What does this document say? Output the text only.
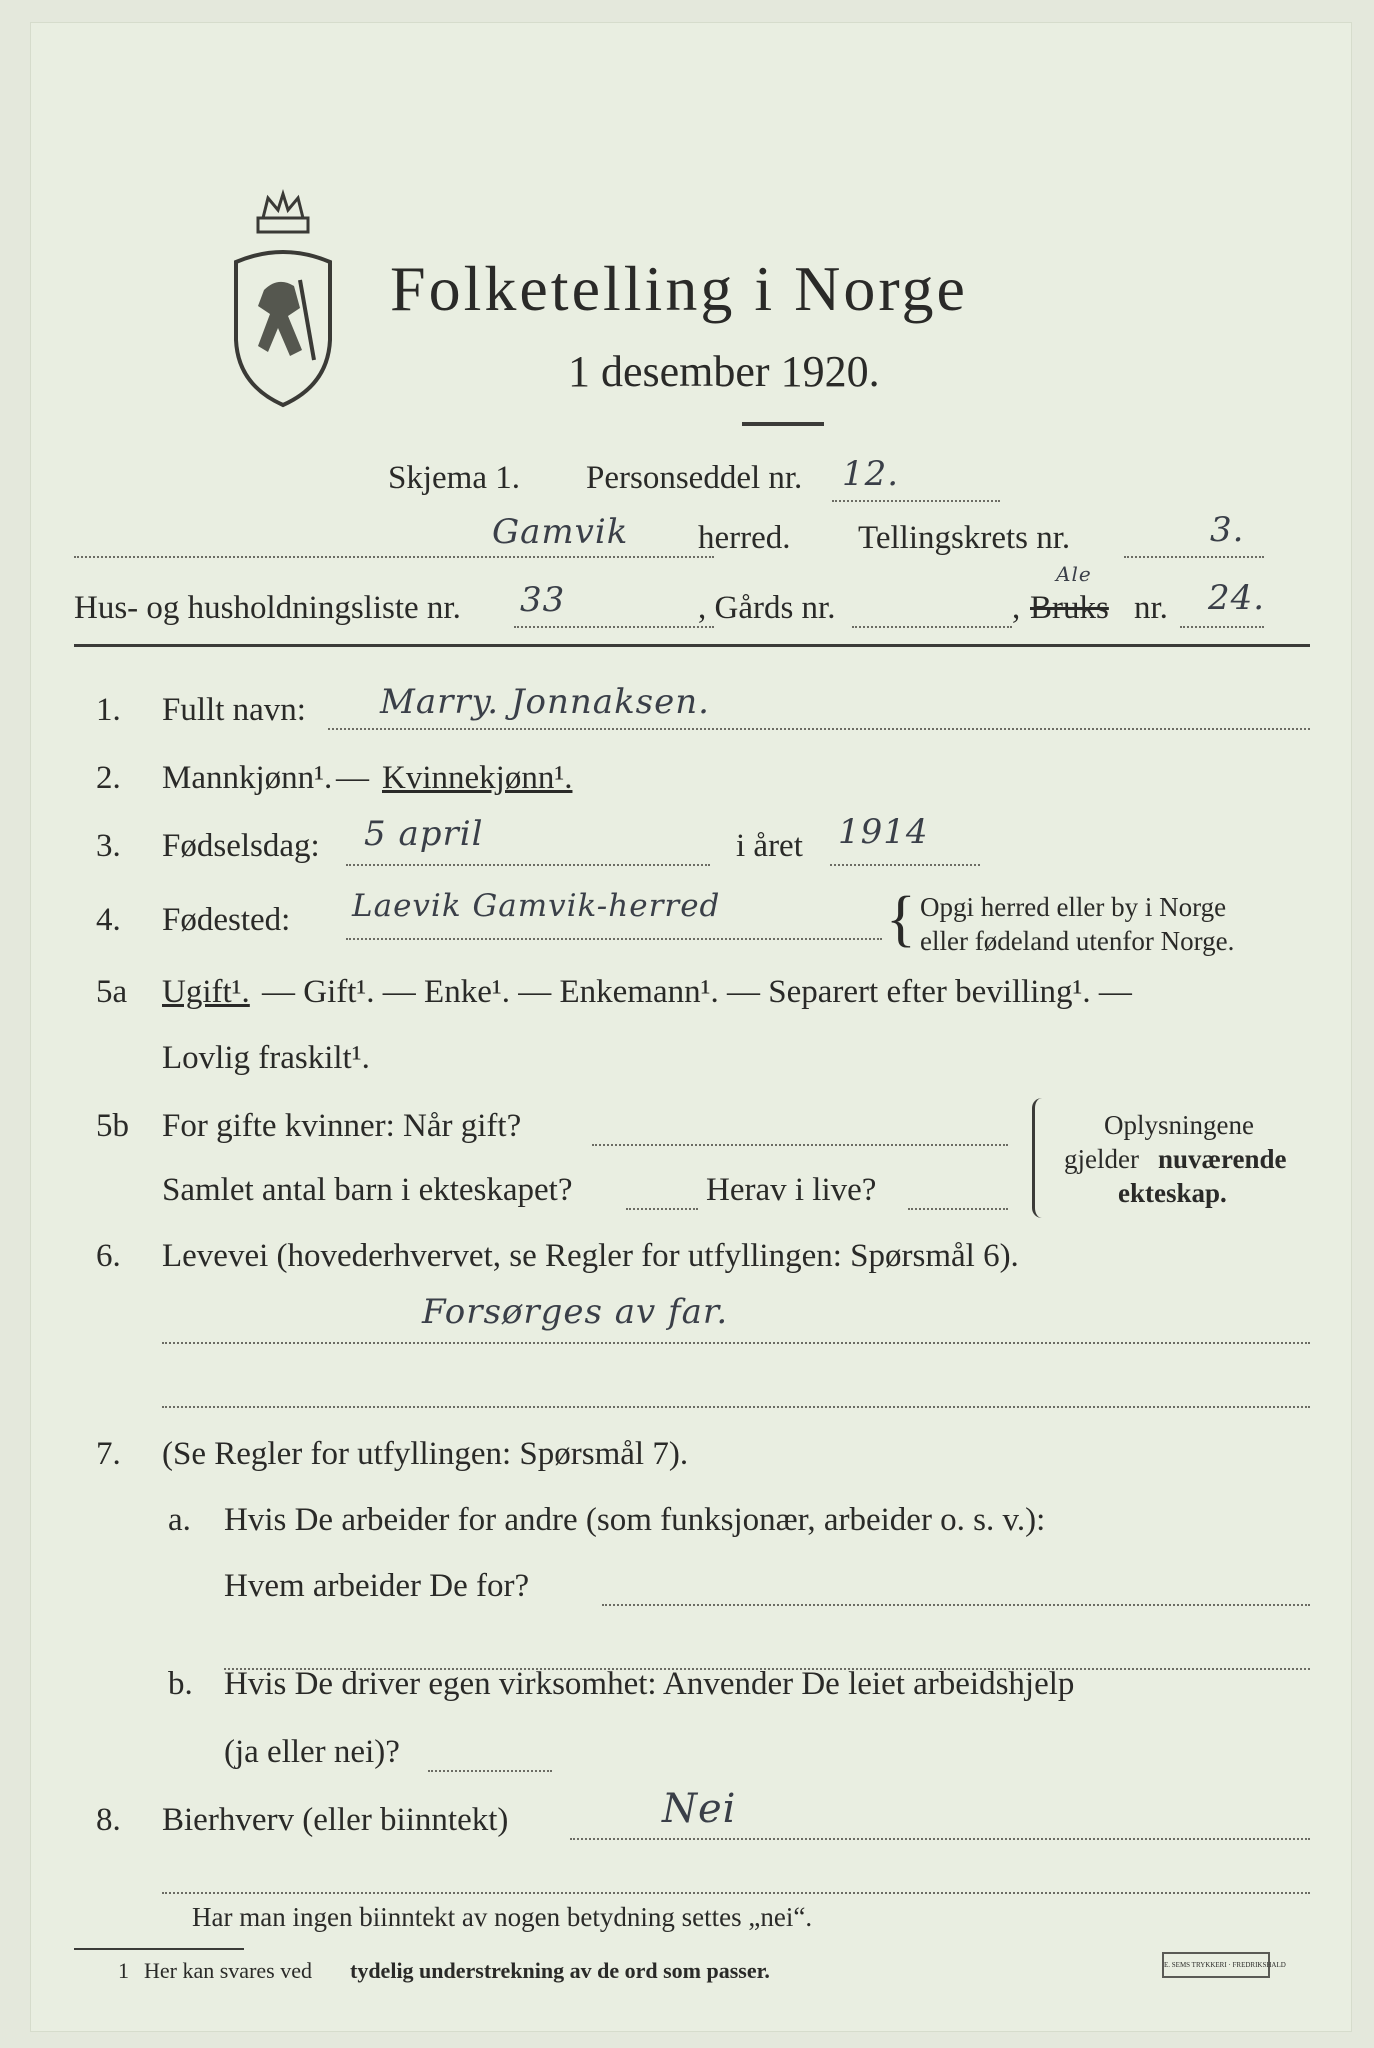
Folketelling i Norge
1 desember 1920.
Skjema 1. Personseddel nr. 12.
Gamvik herred. Tellingskrets nr.	3.
Hus- og husholdningsliste nr. 33	, Gårds nr.	, Bruks
Ale
nr. 24.
1. Fullt navn: Marry. Jonnaksen.
2. Mannkjønn¹. — Kvinnekjønn¹.
3. Fødselsdag: 5 april	i året 1914
4. Fødested: Laevik Gamvik-herred	{ Opgi herred eller by i Norge
eller fødeland utenfor Norge.
5a Ugift¹. — Gift¹. — Enke¹. — Enkemann¹. — Separert efter bevilling¹. —
Lovlig fraskilt¹.
5b For gifte kvinner: Når gift?
Samlet antal barn i ekteskapet?	Herav i live?
Oplysningene
gjelder nuværende
ekteskap.
6. Levevei (hovederhvervet, se Regler for utfyllingen: Spørsmål 6).
Forsørges av far.
7. (Se Regler for utfyllingen: Spørsmål 7).
a. Hvis De arbeider for andre (som funksjonær, arbeider o. s. v.):
Hvem arbeider De for?
b. Hvis De driver egen virksomhet: Anvender De leiet arbeidshjelp
(ja eller nei)?
8. Bierhverv (eller biinntekt)	Nei
Har man ingen biinntekt av nogen betydning settes „nei“.
1 Her kan svares ved tydelig understrekning av de ord som passer.	E. SEMS TRYKKERI · FREDRIKSHALD
